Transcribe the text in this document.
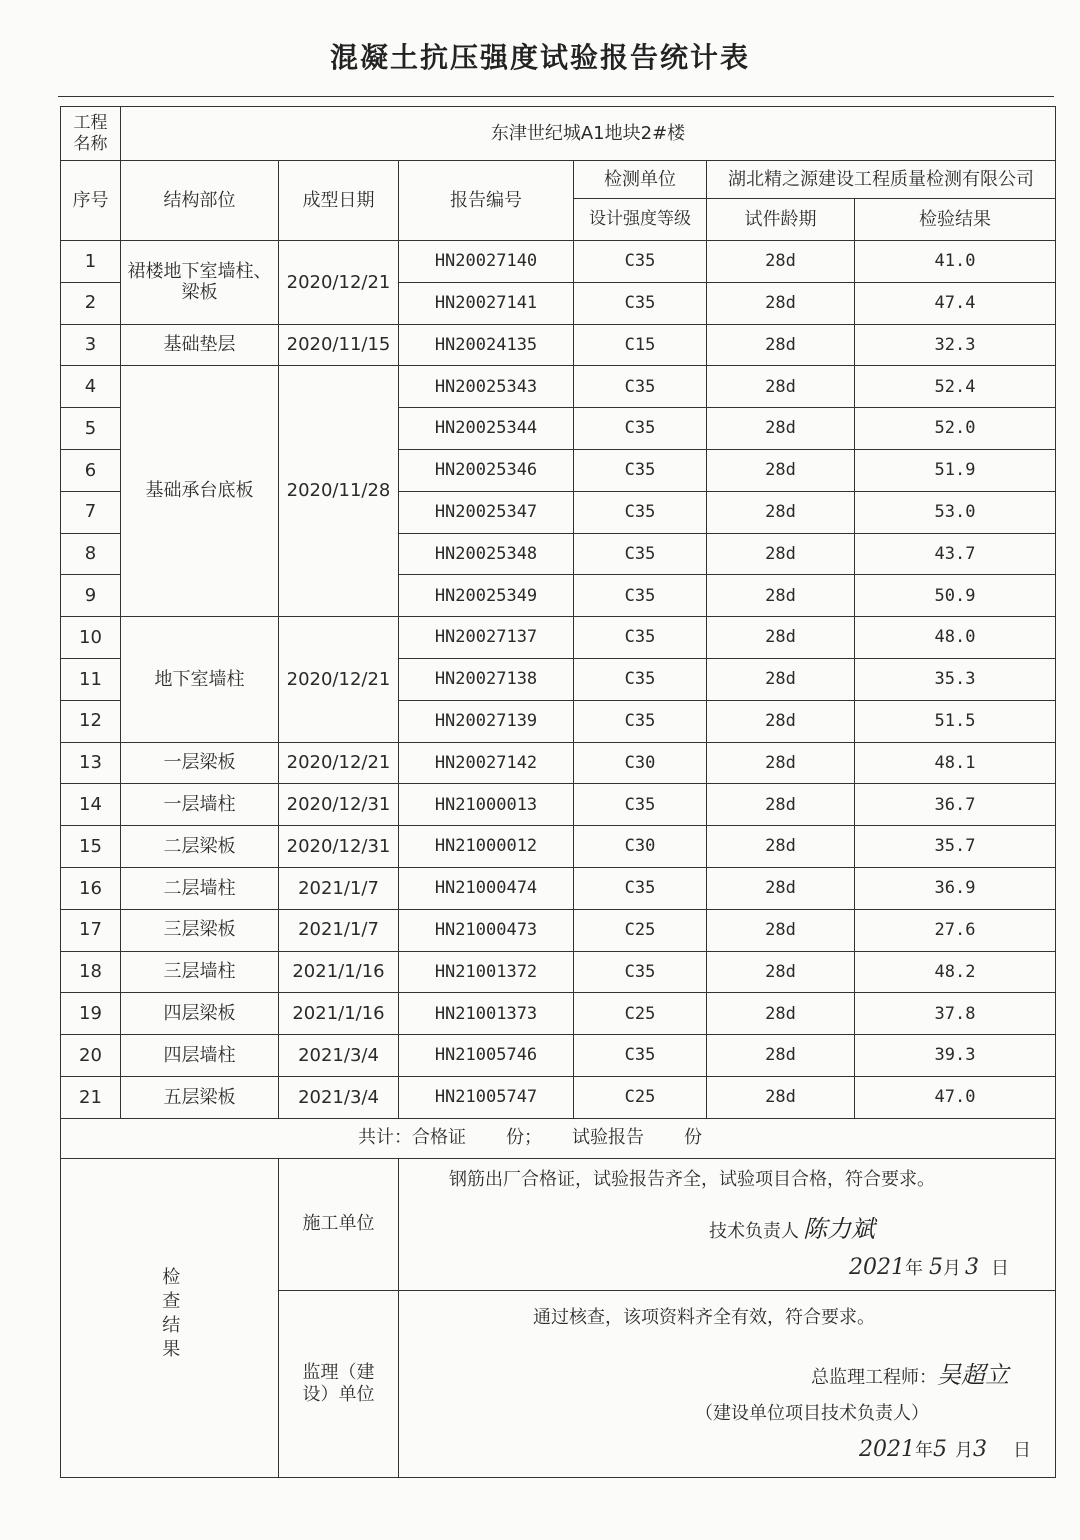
混凝土抗压强度试验报告统计表
工程名称	东津世纪城A1地块2#楼					
序号	结构部位	成型日期	报告编号	检测单位	湖北精之源建设工程质量检测有限公司	
				设计强度等级	试件龄期	检验结果
1	裙楼地下室墙柱、梁板	2020/12/21	HN20027140	C35	28d	41.0
2			HN20027141	C35	28d	47.4
3	基础垫层	2020/11/15	HN20024135	C15	28d	32.3
4	基础承台底板	2020/11/28	HN20025343	C35	28d	52.4
5			HN20025344	C35	28d	52.0
6			HN20025346	C35	28d	51.9
7			HN20025347	C35	28d	53.0
8			HN20025348	C35	28d	43.7
9			HN20025349	C35	28d	50.9
10	地下室墙柱	2020/12/21	HN20027137	C35	28d	48.0
11			HN20027138	C35	28d	35.3
12			HN20027139	C35	28d	51.5
13	一层梁板	2020/12/21	HN20027142	C30	28d	48.1
14	一层墙柱	2020/12/31	HN21000013	C35	28d	36.7
15	二层梁板	2020/12/31	HN21000012	C30	28d	35.7
16	二层墙柱	2021/1/7	HN21000474	C35	28d	36.9
17	三层梁板	2021/1/7	HN21000473	C25	28d	27.6
18	三层墙柱	2021/1/16	HN21001372	C35	28d	48.2
19	四层梁板	2021/1/16	HN21001373	C25	28d	37.8
20	四层墙柱	2021/3/4	HN21005746	C35	28d	39.3
21	五层梁板	2021/3/4	HN21005747	C25	28d	47.0
共计：合格证 份； 试验报告 份						
检查结果		施工单位	钢筋出厂合格证，试验报告齐全，试验项目合格，符合要求。
技术负责人 陈力斌
2021年 5月 3 日			

		监理（建设）单位	通过核查，该项资料齐全有效，符合要求。
总监理工程师：吴超立
（建设单位项目技术负责人）
2021年5 月3 日			
